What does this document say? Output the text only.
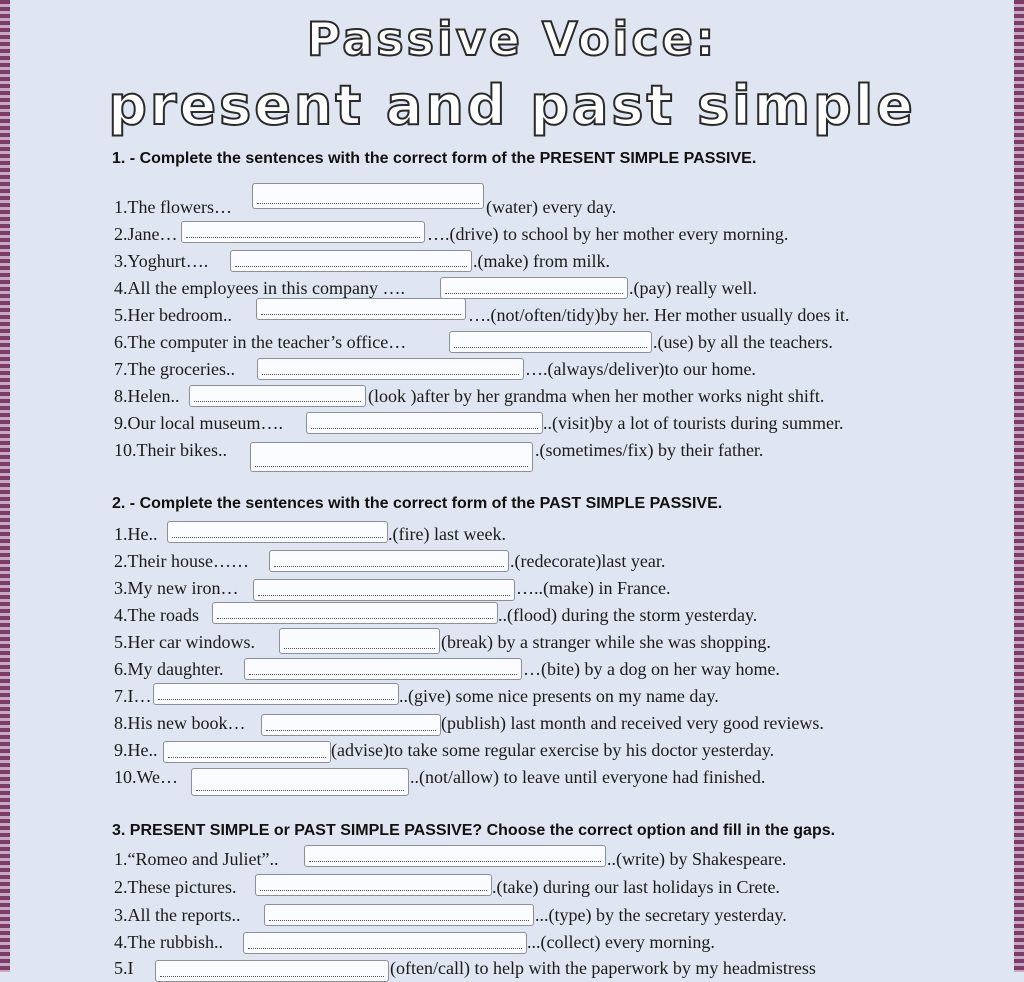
Passive Voice:
present and past simple
1. - Complete the sentences with the correct form of the PRESENT SIMPLE PASSIVE.
1.The flowers…	(water) every day.
2.Jane…	….(drive) to school by her mother every morning.
3.Yoghurt….	.(make) from milk.
4.All the employees in this company ….	.(pay) really well.
5.Her bedroom..	….(not/often/tidy)by her. Her mother usually does it.
6.The computer in the teacher’s office…	.(use) by all the teachers.
7.The groceries..	….(always/deliver)to our home.
8.Helen..	(look )after by her grandma when her mother works night shift.
9.Our local museum….	..(visit)by a lot of tourists during summer.
10.Their bikes..	.(sometimes/fix) by their father.
2. - Complete the sentences with the correct form of the PAST SIMPLE PASSIVE.
1.He..	.(fire) last week.
2.Their house……	.(redecorate)last year.
3.My new iron…	…..(make) in France.
4.The roads	..(flood) during the storm yesterday.
5.Her car windows.	(break) by a stranger while she was shopping.
6.My daughter.	…(bite) by a dog on her way home.
7.I…	..(give) some nice presents on my name day.
8.His new book…	(publish) last month and received very good reviews.
9.He..	(advise)to take some regular exercise by his doctor yesterday.
10.We…	..(not/allow) to leave until everyone had finished.
3. PRESENT SIMPLE or PAST SIMPLE PASSIVE? Choose the correct option and fill in the gaps.
1.“Romeo and Juliet”..	..(write) by Shakespeare.
2.These pictures.	.(take) during our last holidays in Crete.
3.All the reports..	...(type) by the secretary yesterday.
4.The rubbish..	...(collect) every morning.
5.I	(often/call) to help with the paperwork by my headmistress
